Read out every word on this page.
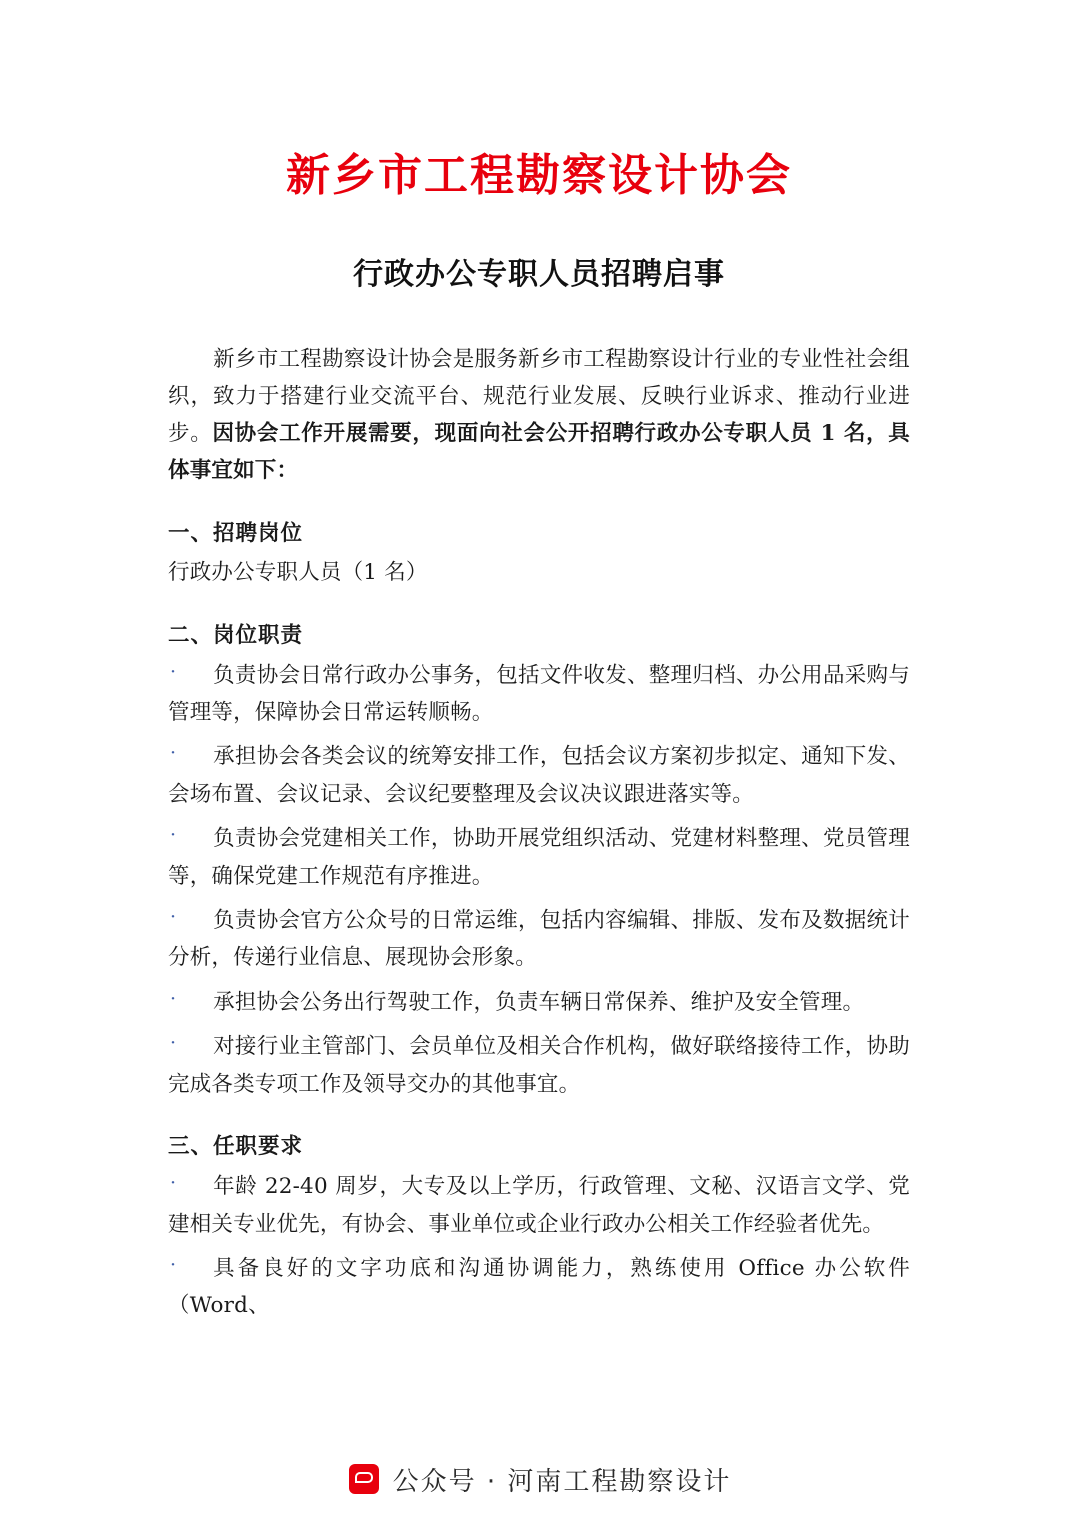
新乡市工程勘察设计协会
行政办公专职人员招聘启事

新乡市工程勘察设计协会是服务新乡市工程勘察设计行业的专业性社会组织，致力于搭建行业交流平台、规范行业发展、反映行业诉求、推动行业进步。因协会工作开展需要，现面向社会公开招聘行政办公专职人员 1 名，具体事宜如下：

一、招聘岗位
行政办公专职人员（1 名）
二、岗位职责
·	负责协会日常行政办公事务，包括文件收发、整理归档、办公用品采购与管理等，保障协会日常运转顺畅。
·	承担协会各类会议的统筹安排工作，包括会议方案初步拟定、通知下发、会场布置、会议记录、会议纪要整理及会议决议跟进落实等。
·	负责协会党建相关工作，协助开展党组织活动、党建材料整理、党员管理等，确保党建工作规范有序推进。
·	负责协会官方公众号的日常运维，包括内容编辑、排版、发布及数据统计分析，传递行业信息、展现协会形象。
·	承担协会公务出行驾驶工作，负责车辆日常保养、维护及安全管理。
·	对接行业主管部门、会员单位及相关合作机构，做好联络接待工作，协助完成各类专项工作及领导交办的其他事宜。
三、任职要求
·	年龄 22-40 周岁，大专及以上学历，行政管理、文秘、汉语言文学、党建相关专业优先，有协会、事业单位或企业行政办公相关工作经验者优先。
·	具备良好的文字功底和沟通协调能力，熟练使用 Office 办公软件（Word、
公众号 · 河南工程勘察设计
